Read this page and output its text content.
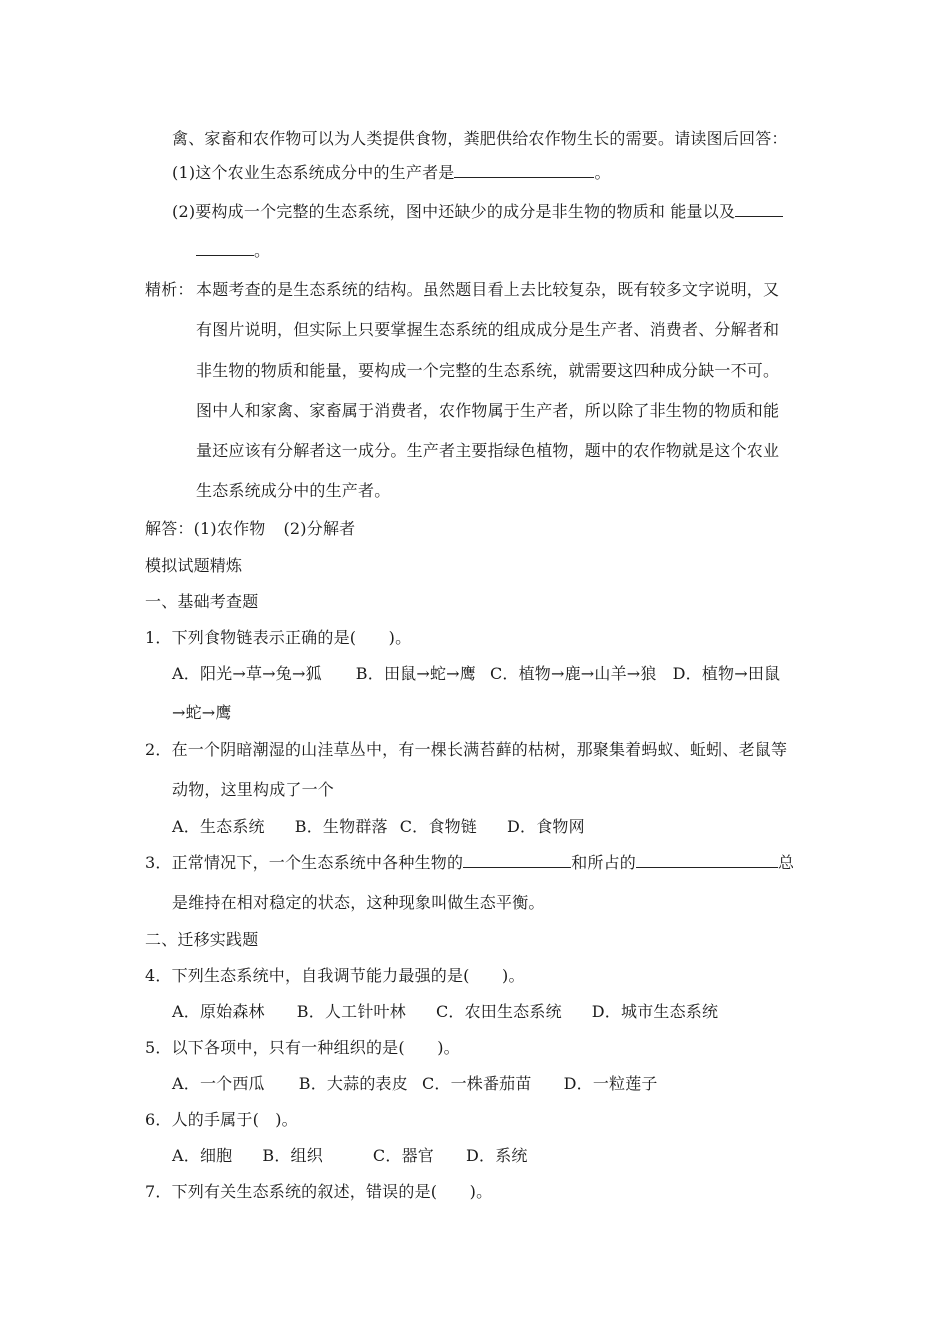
禽、家畜和农作物可以为人类提供食物，粪肥供给农作物生长的需要。请读图后回答：
(1)这个农业生态系统成分中的生产者是	。
(2)要构成一个完整的生态系统，图中还缺少的成分是非生物的物质和 能量以及
。
精析： 本题考查的是生态系统的结构。虽然题目看上去比较复杂，既有较多文字说明，又
有图片说明，但实际上只要掌握生态系统的组成成分是生产者、消费者、分解者和
非生物的物质和能量，要构成一个完整的生态系统，就需要这四种成分缺一不可。
图中人和家禽、家畜属于消费者，农作物属于生产者，所以除了非生物的物质和能
量还应该有分解者这一成分。生产者主要指绿色植物，题中的农作物就是这个农业
生态系统成分中的生产者。
解答：(1)农作物 (2)分解者
模拟试题精炼
一、基础考查题
1．下列食物链表示正确的是(　　)。
A．阳光→草→兔→狐 B．田鼠→蛇→鹰 C．植物→鹿→山羊→狼 D．植物→田鼠
→蛇→鹰
2．在一个阴暗潮湿的山洼草丛中，有一棵长满苔藓的枯树，那聚集着蚂蚁、蚯蚓、老鼠等
动物，这里构成了一个
A．生态系统 B．生物群落 C．食物链 D．食物网
3．正常情况下，一个生态系统中各种生物的	和所占的	总
是维持在相对稳定的状态，这种现象叫做生态平衡。
二、迁移实践题
4．下列生态系统中，自我调节能力最强的是(　　)。
A．原始森林 B．人工针叶林 C．农田生态系统 D．城市生态系统
5．以下各项中，只有一种组织的是(　　)。
A．一个西瓜 B．大蒜的表皮 C．一株番茄苗 D．一粒莲子
6．人的手属于(　)。
A．细胞 B．组织	C．器官 D．系统
7．下列有关生态系统的叙述，错误的是(　　)。
